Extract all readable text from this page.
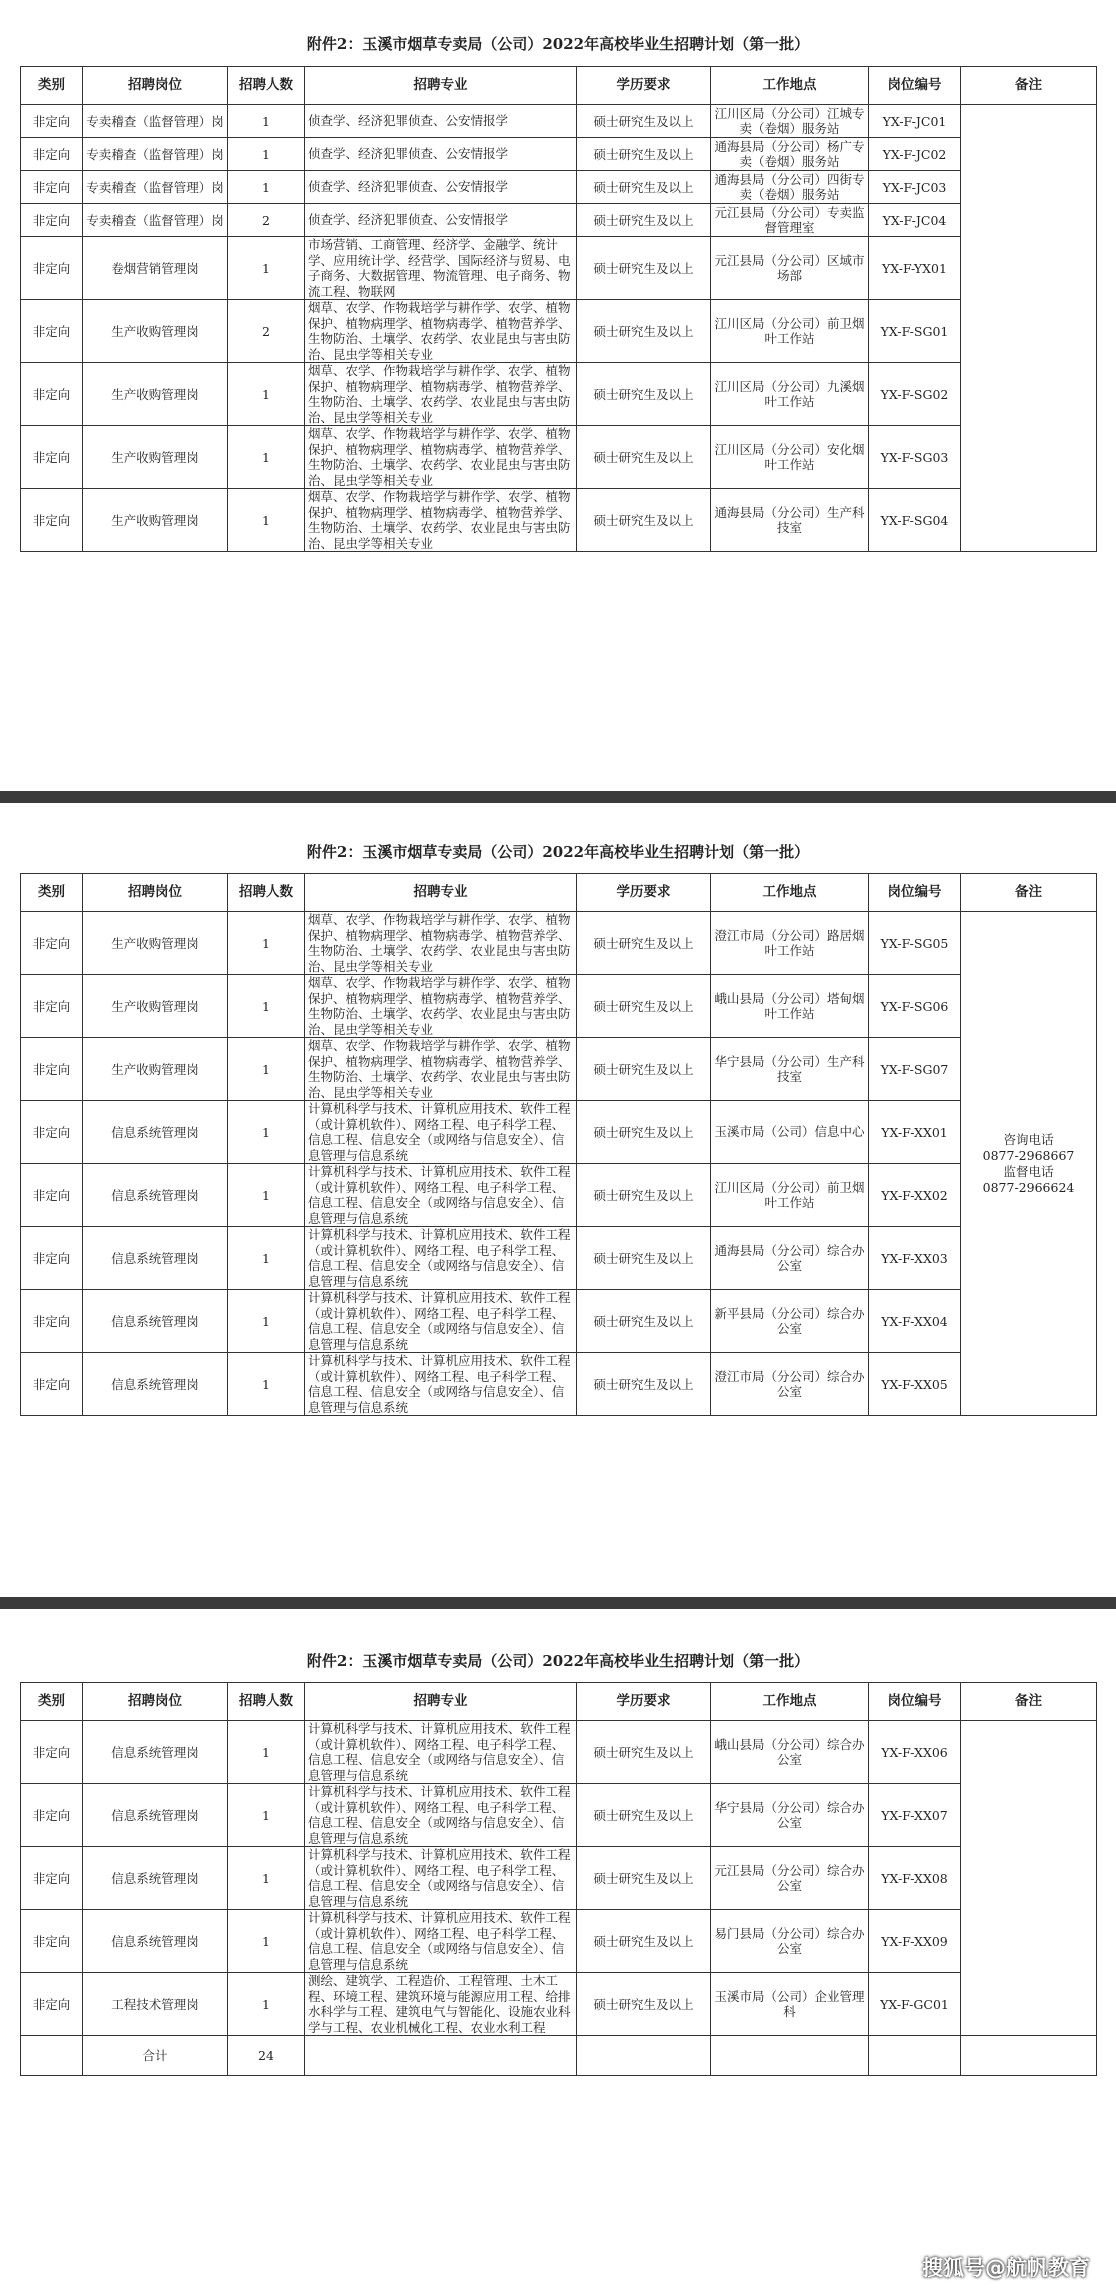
附件2：玉溪市烟草专卖局（公司）2022年高校毕业生招聘计划（第一批）
类别	招聘岗位	招聘人数	招聘专业	学历要求	工作地点	岗位编号	备注
非定向	专卖稽查（监督管理）岗	1	侦查学、经济犯罪侦查、公安情报学	硕士研究生及以上	江川区局（分公司）江城专卖（卷烟）服务站	YX-F-JC01	
非定向	专卖稽查（监督管理）岗	1	侦查学、经济犯罪侦查、公安情报学	硕士研究生及以上	通海县局（分公司）杨广专卖（卷烟）服务站	YX-F-JC02	
非定向	专卖稽查（监督管理）岗	1	侦查学、经济犯罪侦查、公安情报学	硕士研究生及以上	通海县局（分公司）四街专卖（卷烟）服务站	YX-F-JC03	
非定向	专卖稽查（监督管理）岗	2	侦查学、经济犯罪侦查、公安情报学	硕士研究生及以上	元江县局（分公司）专卖监督管理室	YX-F-JC04	
非定向	卷烟营销管理岗	1	市场营销、工商管理、经济学、金融学、统计学、应用统计学、经营学、国际经济与贸易、电子商务、大数据管理、物流管理、电子商务、物流工程、物联网	硕士研究生及以上	元江县局（分公司）区域市场部	YX-F-YX01	
非定向	生产收购管理岗	2	烟草、农学、作物栽培学与耕作学、农学、植物保护、植物病理学、植物病毒学、植物营养学、生物防治、土壤学、农药学、农业昆虫与害虫防治、昆虫学等相关专业	硕士研究生及以上	江川区局（分公司）前卫烟叶工作站	YX-F-SG01	
非定向	生产收购管理岗	1	烟草、农学、作物栽培学与耕作学、农学、植物保护、植物病理学、植物病毒学、植物营养学、生物防治、土壤学、农药学、农业昆虫与害虫防治、昆虫学等相关专业	硕士研究生及以上	江川区局（分公司）九溪烟叶工作站	YX-F-SG02	
非定向	生产收购管理岗	1	烟草、农学、作物栽培学与耕作学、农学、植物保护、植物病理学、植物病毒学、植物营养学、生物防治、土壤学、农药学、农业昆虫与害虫防治、昆虫学等相关专业	硕士研究生及以上	江川区局（分公司）安化烟叶工作站	YX-F-SG03	
非定向	生产收购管理岗	1	烟草、农学、作物栽培学与耕作学、农学、植物保护、植物病理学、植物病毒学、植物营养学、生物防治、土壤学、农药学、农业昆虫与害虫防治、昆虫学等相关专业	硕士研究生及以上	通海县局（分公司）生产科技室	YX-F-SG04	
附件2：玉溪市烟草专卖局（公司）2022年高校毕业生招聘计划（第一批）
类别	招聘岗位	招聘人数	招聘专业	学历要求	工作地点	岗位编号	备注
非定向	生产收购管理岗	1	烟草、农学、作物栽培学与耕作学、农学、植物保护、植物病理学、植物病毒学、植物营养学、生物防治、土壤学、农药学、农业昆虫与害虫防治、昆虫学等相关专业	硕士研究生及以上	澄江市局（分公司）路居烟叶工作站	YX-F-SG05	咨询电话
0877-2968667
监督电话
0877-2966624

非定向	生产收购管理岗	1	烟草、农学、作物栽培学与耕作学、农学、植物保护、植物病理学、植物病毒学、植物营养学、生物防治、土壤学、农药学、农业昆虫与害虫防治、昆虫学等相关专业	硕士研究生及以上	峨山县局（分公司）塔甸烟叶工作站	YX-F-SG06	
非定向	生产收购管理岗	1	烟草、农学、作物栽培学与耕作学、农学、植物保护、植物病理学、植物病毒学、植物营养学、生物防治、土壤学、农药学、农业昆虫与害虫防治、昆虫学等相关专业	硕士研究生及以上	华宁县局（分公司）生产科技室	YX-F-SG07	
非定向	信息系统管理岗	1	计算机科学与技术、计算机应用技术、软件工程（或计算机软件）、网络工程、电子科学工程、信息工程、信息安全（或网络与信息安全）、信息管理与信息系统	硕士研究生及以上	玉溪市局（公司）信息中心	YX-F-XX01	
非定向	信息系统管理岗	1	计算机科学与技术、计算机应用技术、软件工程（或计算机软件）、网络工程、电子科学工程、信息工程、信息安全（或网络与信息安全）、信息管理与信息系统	硕士研究生及以上	江川区局（分公司）前卫烟叶工作站	YX-F-XX02	
非定向	信息系统管理岗	1	计算机科学与技术、计算机应用技术、软件工程（或计算机软件）、网络工程、电子科学工程、信息工程、信息安全（或网络与信息安全）、信息管理与信息系统	硕士研究生及以上	通海县局（分公司）综合办公室	YX-F-XX03	
非定向	信息系统管理岗	1	计算机科学与技术、计算机应用技术、软件工程（或计算机软件）、网络工程、电子科学工程、信息工程、信息安全（或网络与信息安全）、信息管理与信息系统	硕士研究生及以上	新平县局（分公司）综合办公室	YX-F-XX04	
非定向	信息系统管理岗	1	计算机科学与技术、计算机应用技术、软件工程（或计算机软件）、网络工程、电子科学工程、信息工程、信息安全（或网络与信息安全）、信息管理与信息系统	硕士研究生及以上	澄江市局（分公司）综合办公室	YX-F-XX05	
附件2：玉溪市烟草专卖局（公司）2022年高校毕业生招聘计划（第一批）
类别	招聘岗位	招聘人数	招聘专业	学历要求	工作地点	岗位编号	备注
非定向	信息系统管理岗	1	计算机科学与技术、计算机应用技术、软件工程（或计算机软件）、网络工程、电子科学工程、信息工程、信息安全（或网络与信息安全）、信息管理与信息系统	硕士研究生及以上	峨山县局（分公司）综合办公室	YX-F-XX06	
非定向	信息系统管理岗	1	计算机科学与技术、计算机应用技术、软件工程（或计算机软件）、网络工程、电子科学工程、信息工程、信息安全（或网络与信息安全）、信息管理与信息系统	硕士研究生及以上	华宁县局（分公司）综合办公室	YX-F-XX07	
非定向	信息系统管理岗	1	计算机科学与技术、计算机应用技术、软件工程（或计算机软件）、网络工程、电子科学工程、信息工程、信息安全（或网络与信息安全）、信息管理与信息系统	硕士研究生及以上	元江县局（分公司）综合办公室	YX-F-XX08	
非定向	信息系统管理岗	1	计算机科学与技术、计算机应用技术、软件工程（或计算机软件）、网络工程、电子科学工程、信息工程、信息安全（或网络与信息安全）、信息管理与信息系统	硕士研究生及以上	易门县局（分公司）综合办公室	YX-F-XX09	
非定向	工程技术管理岗	1	测绘、建筑学、工程造价、工程管理、土木工程、环境工程、建筑环境与能源应用工程、给排水科学与工程、建筑电气与智能化、设施农业科学与工程、农业机械化工程、农业水利工程	硕士研究生及以上	玉溪市局（公司）企业管理科	YX-F-GC01	
	合计	24					
搜狐号@航帆教育
